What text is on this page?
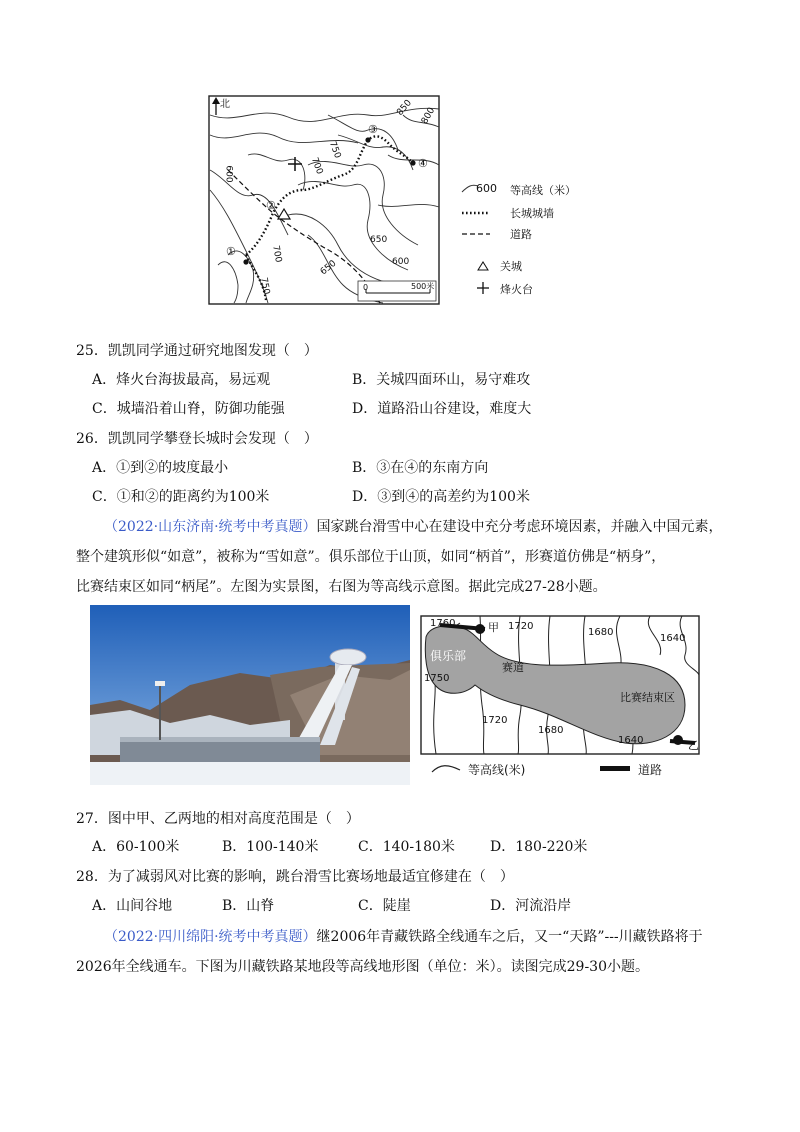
北	850 800
750
700
600
650
700
650
750
600
①
②
③
④
0	500米
600 等高线（米）
长城城墙
道路
关城
烽火台
25．凯凯同学通过研究地图发现（　）
A．烽火台海拔最高，易远观	B．关城四面环山，易守难攻
C．城墙沿着山脊，防御功能强	D．道路沿山谷建设，难度大
26．凯凯同学攀登长城时会发现（　）
A．①到②的坡度最小	B．③在④的东南方向
C．①和②的距离约为100米	D．③到④的高差约为100米
（2022·山东济南·统考中考真题）国家跳台滑雪中心在建设中充分考虑环境因素，并融入中国元素，
整个建筑形似“如意”，被称为“雪如意”。俱乐部位于山顶，如同“柄首”，形赛道仿佛是“柄身”，
比赛结束区如同“柄尾”。左图为实景图，右图为等高线示意图。据此完成27-28小题。
1760	1720
1680
1640
1750
1720
1680
1640
甲
乙
俱乐部
赛道
比赛结束区
等高线(米)	道路
27．图中甲、乙两地的相对高度范围是（　）
A．60-100米	B．100-140米	C．140-180米	D．180-220米
28．为了减弱风对比赛的影响，跳台滑雪比赛场地最适宜修建在（　）
A．山间谷地	B．山脊	C．陡崖	D．河流沿岸
（2022·四川绵阳·统考中考真题）继2006年青藏铁路全线通车之后，又一“天路”---川藏铁路将于
2026年全线通车。下图为川藏铁路某地段等高线地形图（单位：米）。读图完成29-30小题。
